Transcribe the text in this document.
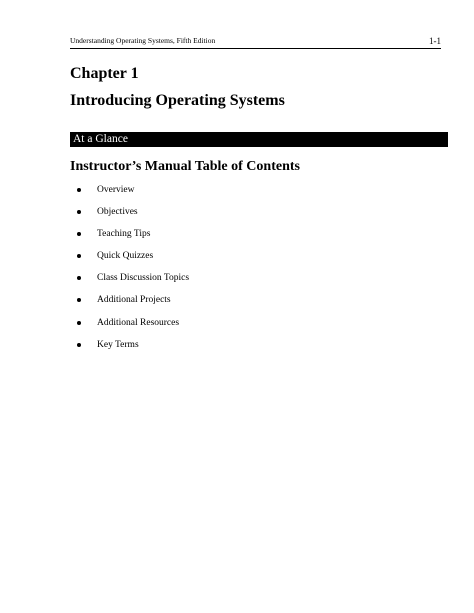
Understanding Operating Systems, Fifth Edition	1-1
Chapter 1
Introducing Operating Systems
At a Glance
Instructor’s Manual Table of Contents
Overview
Objectives
Teaching Tips
Quick Quizzes
Class Discussion Topics
Additional Projects
Additional Resources
Key Terms
